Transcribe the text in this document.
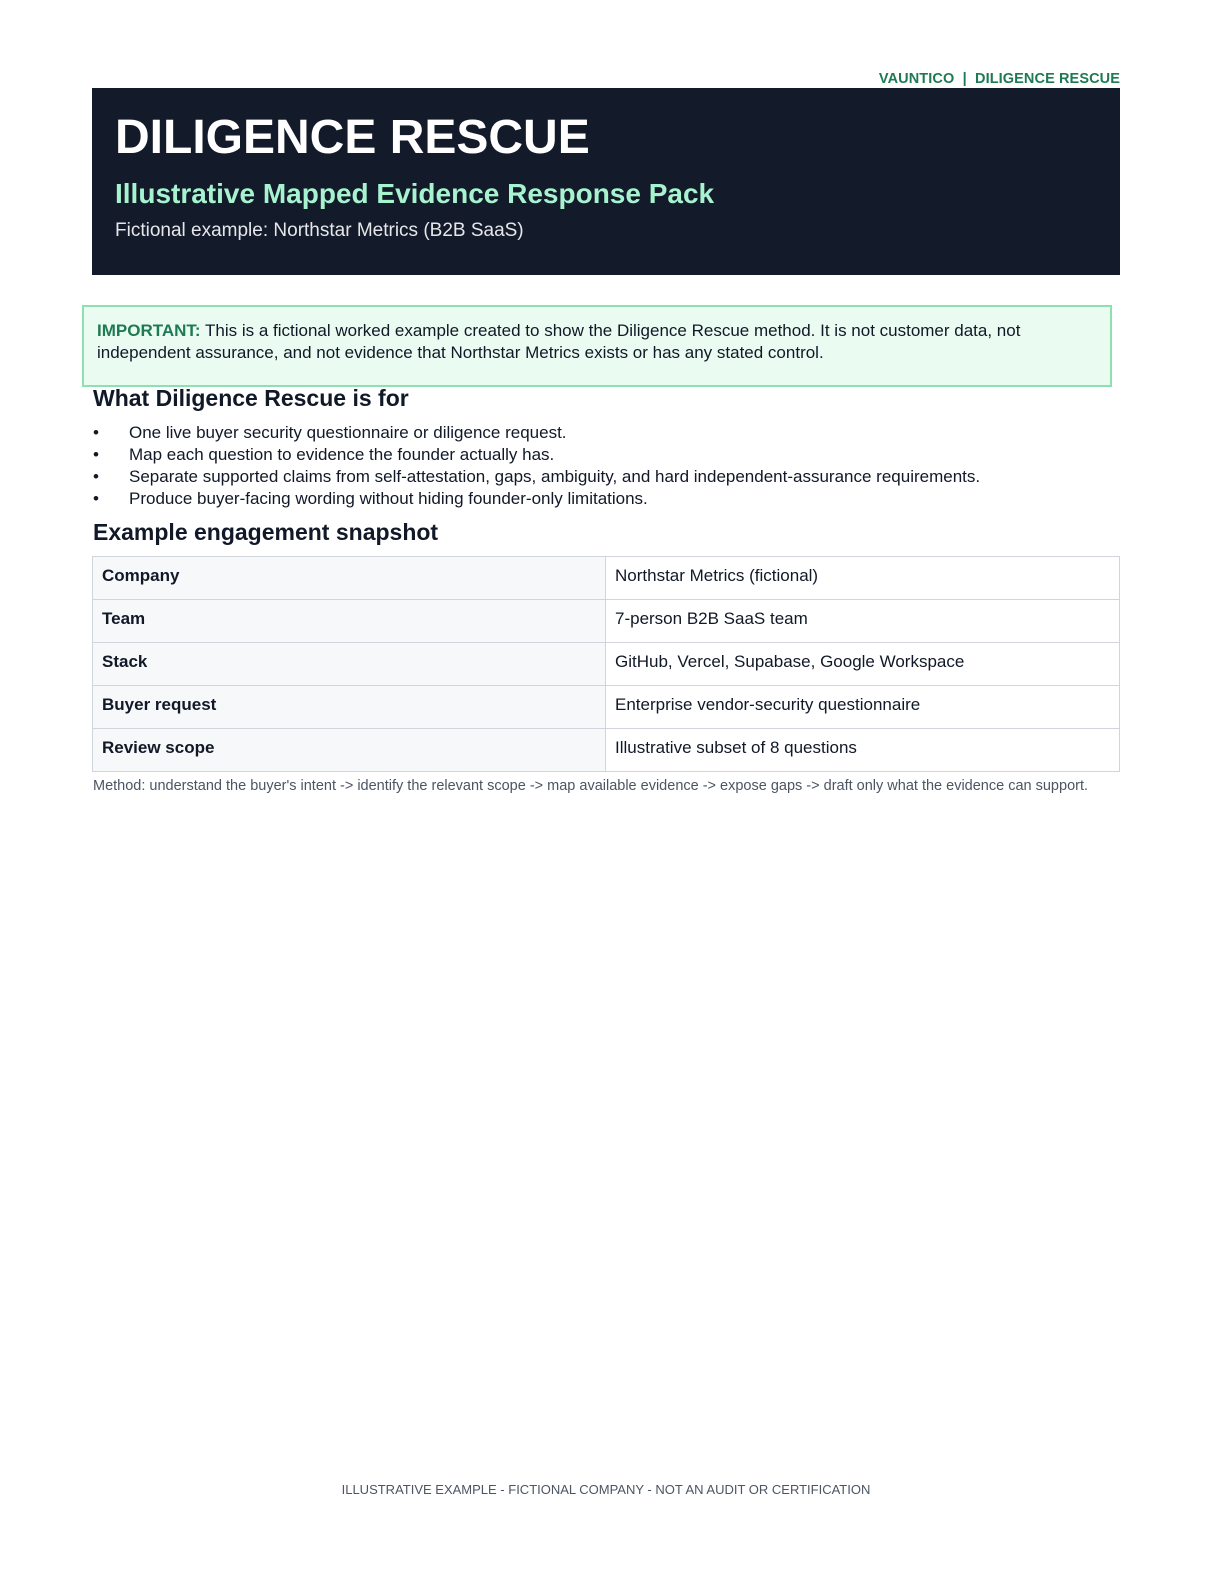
VAUNTICO  |  DILIGENCE RESCUE
DILIGENCE RESCUE
Illustrative Mapped Evidence Response Pack
Fictional example: Northstar Metrics (B2B SaaS)
IMPORTANT: This is a fictional worked example created to show the Diligence Rescue method. It is not customer data, not independent assurance, and not evidence that Northstar Metrics exists or has any stated control.
What Diligence Rescue is for
• One live buyer security questionnaire or diligence request.
• Map each question to evidence the founder actually has.
• Separate supported claims from self-attestation, gaps, ambiguity, and hard independent-assurance requirements.
• Produce buyer-facing wording without hiding founder-only limitations.
Example engagement snapshot
Company	Northstar Metrics (fictional)
Team	7-person B2B SaaS team
Stack	GitHub, Vercel, Supabase, Google Workspace
Buyer request	Enterprise vendor-security questionnaire
Review scope	Illustrative subset of 8 questions
Method: understand the buyer's intent -> identify the relevant scope -> map available evidence -> expose gaps -> draft only what the evidence can support.
ILLUSTRATIVE EXAMPLE - FICTIONAL COMPANY - NOT AN AUDIT OR CERTIFICATION
